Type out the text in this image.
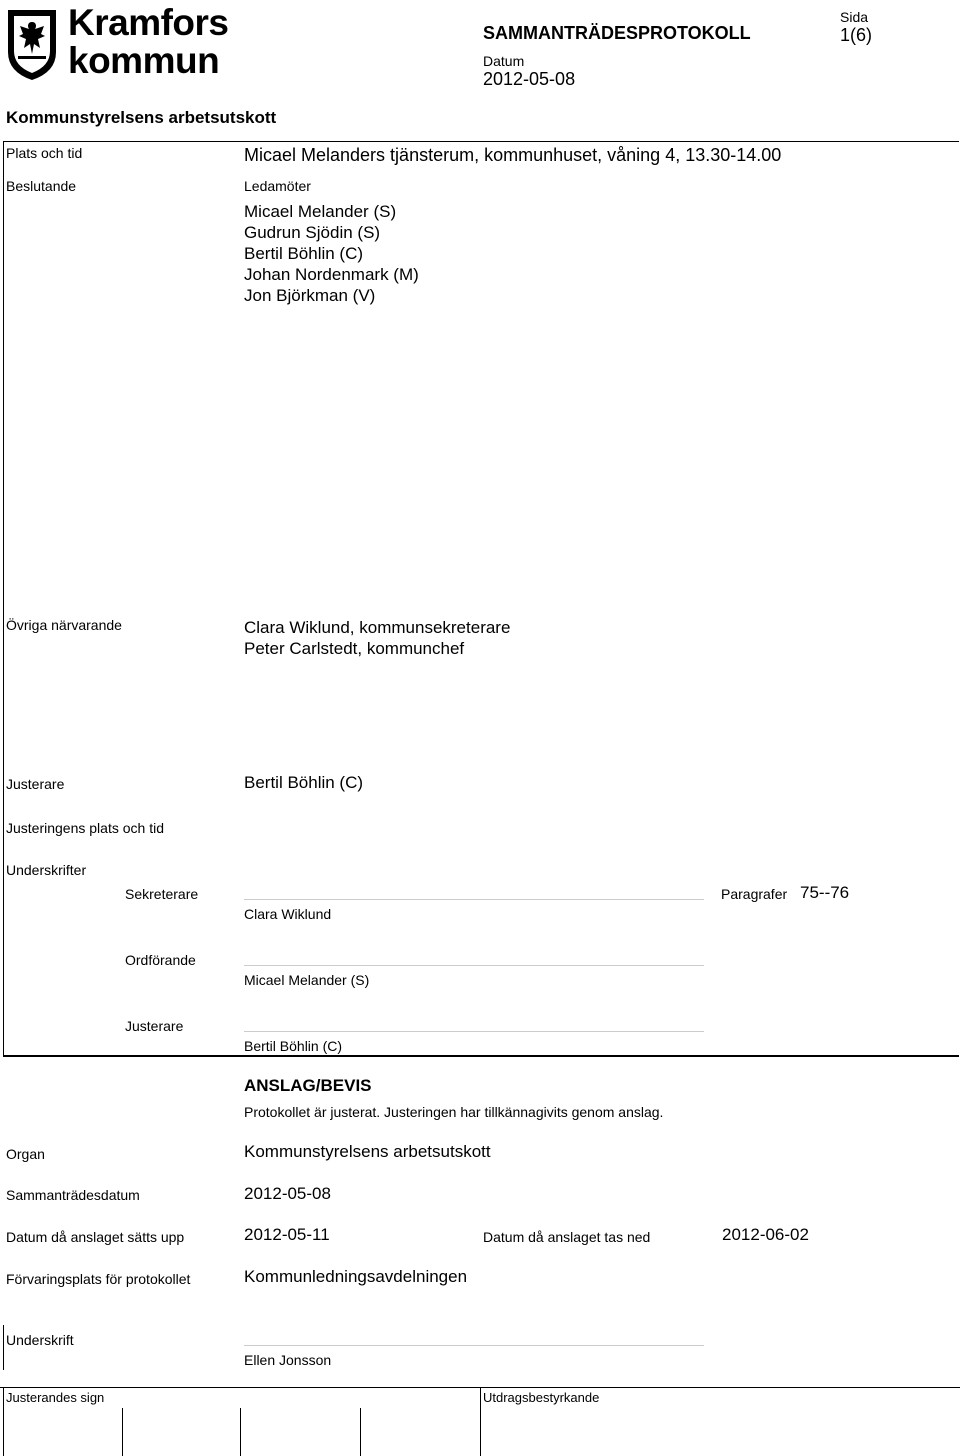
Kramfors
kommun
SAMMANTRÄDESPROTOKOLL
Datum
2012-05-08
Sida
1(6)
Kommunstyrelsens arbetsutskott
Plats och tid	Micael Melanders tjänsterum, kommunhuset, våning 4, 13.30-14.00
Beslutande	Ledamöter
Micael Melander (S)
Gudrun Sjödin (S)
Bertil Böhlin (C)
Johan Nordenmark (M)
Jon Björkman (V)
Övriga närvarande	Clara Wiklund, kommunsekreterare
Peter Carlstedt, kommunchef
Justerare	Bertil Böhlin (C)
Justeringens plats och tid
Underskrifter
Sekreterare
Clara Wiklund
Paragrafer 75--76
Ordförande
Micael Melander (S)
Justerare
Bertil Böhlin (C)
ANSLAG/BEVIS
Protokollet är justerat. Justeringen har tillkännagivits genom anslag.
Organ	Kommunstyrelsens arbetsutskott
Sammanträdesdatum	2012-05-08
Datum då anslaget sätts upp	2012-05-11	Datum då anslaget tas ned	2012-06-02
Förvaringsplats för protokollet	Kommunledningsavdelningen
Underskrift
Ellen Jonsson
Justerandes sign	Utdragsbestyrkande
